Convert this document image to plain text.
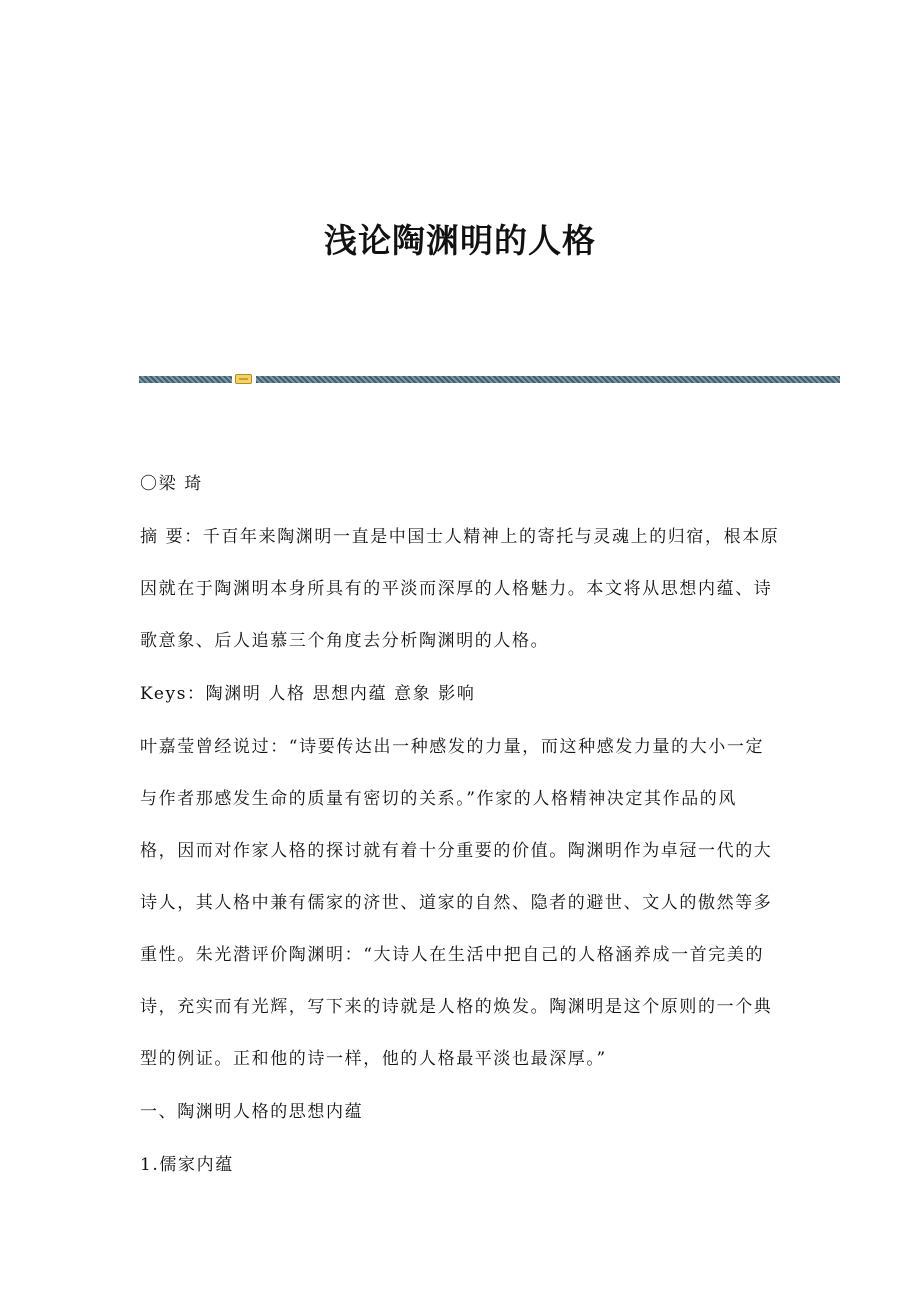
浅论陶渊明的人格
〇梁 琦
摘 要：千百年来陶渊明一直是中国士人精神上的寄托与灵魂上的归宿，根本原
因就在于陶渊明本身所具有的平淡而深厚的人格魅力。本文将从思想内蕴、诗
歌意象、后人追慕三个角度去分析陶渊明的人格。
Keys：陶渊明 人格 思想内蕴 意象 影响
叶嘉莹曾经说过：“诗要传达出一种感发的力量，而这种感发力量的大小一定
与作者那感发生命的质量有密切的关系。”作家的人格精神决定其作品的风
格，因而对作家人格的探讨就有着十分重要的价值。陶渊明作为卓冠一代的大
诗人，其人格中兼有儒家的济世、道家的自然、隐者的避世、文人的傲然等多
重性。朱光潜评价陶渊明：“大诗人在生活中把自己的人格涵养成一首完美的
诗，充实而有光辉，写下来的诗就是人格的焕发。陶渊明是这个原则的一个典
型的例证。正和他的诗一样，他的人格最平淡也最深厚。”
一、陶渊明人格的思想内蕴
1.儒家内蕴
